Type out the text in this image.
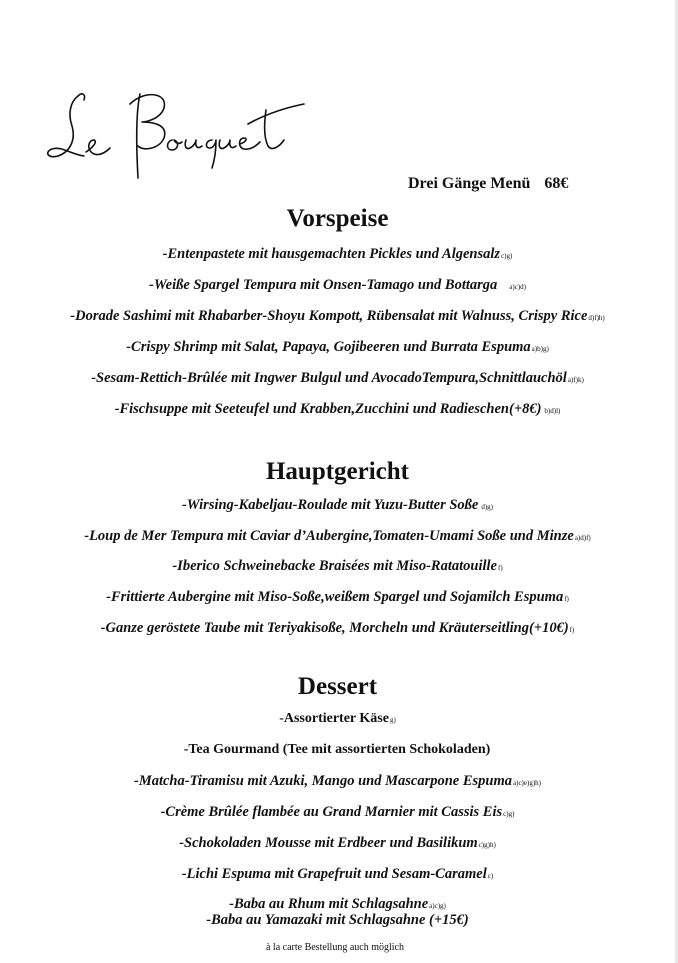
Drei Gänge Menü 68€
Vorspeise
-Entenpastete mit hausgemachten Pickles und Algensalzc)g)
-Weiße Spargel Tempura mit Onsen-Tamago und Bottarga a)c)d)
-Dorade Sashimi mit Rhabarber-Shoyu Kompott, Rübensalat mit Walnuss, Crispy Riced)f)h)
-Crispy Shrimp mit Salat, Papaya, Gojibeeren und Burrata Espumaa)b)g)
-Sesam-Rettich-Brûlée mit Ingwer Bulgul und AvocadoTempura,Schnittlauchöla)f)k)
-Fischsuppe mit Seeteufel und Krabben,Zucchini und Radieschen(+8€) b)d)l)
Hauptgericht
-Wirsing-Kabeljau-Roulade mit Yuzu-Butter Soße d)g)
-Loup de Mer Tempura mit Caviar d’Aubergine,Tomaten-Umami Soße und Minzea)d)f)
-Iberico Schweinebacke Braisées mit Miso-Ratatouillef)
-Frittierte Aubergine mit Miso-Soße,weißem Spargel und Sojamilch Espumaf)
-Ganze geröstete Taube mit Teriyakisoße, Morcheln und Kräuterseitling(+10€)f)
Dessert
-Assortierter Käseg)
-Tea Gourmand (Tee mit assortierten Schokoladen)
-Matcha-Tiramisu mit Azuki, Mango und Mascarpone Espumaa)c)e)g)h)
-Crème Brûlée flambée au Grand Marnier mit Cassis Eisc)g)
-Schokoladen Mousse mit Erdbeer und Basilikumc)g)h)
-Lichi Espuma mit Grapefruit und Sesam-Caramelc)
-Baba au Rhum mit Schlagsahnea)c)g)
-Baba au Yamazaki mit Schlagsahne (+15€)
à la carte Bestellung auch möglich
